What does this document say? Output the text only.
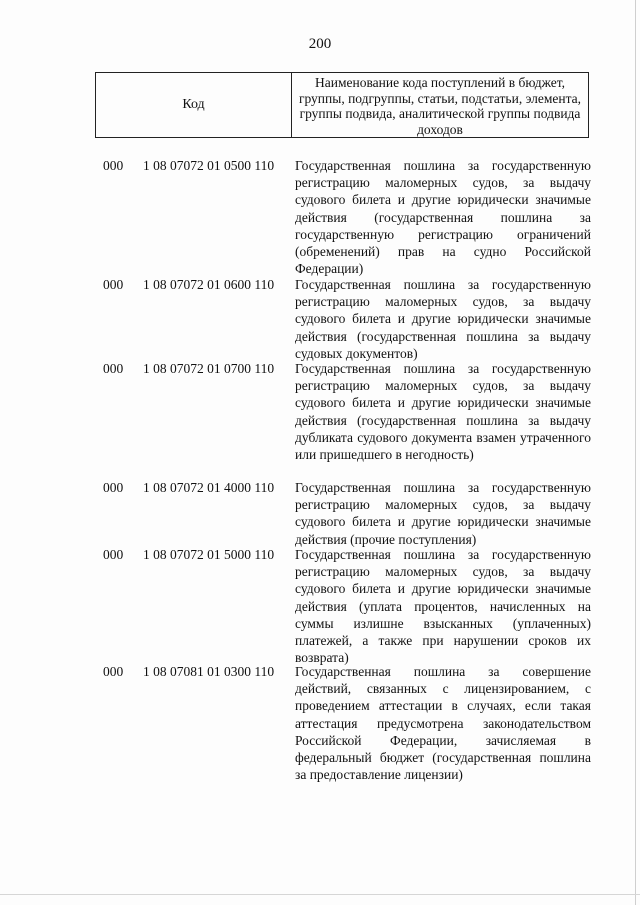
200
Код
Наименование кода поступлений в бюджет, группы, подгруппы, статьи, подстатьи, элемента, группы подвида, аналитической группы подвида доходов
000	1 08 07072 01 0500 110	Государственная пошлина за государственную регистрацию маломерных судов, за выдачу судового билета и другие юридически значимые действия (государственная пошлина за государственную регистрацию ограничений (обременений) прав на судно Российской Федерации)
000	1 08 07072 01 0600 110	Государственная пошлина за государственную регистрацию маломерных судов, за выдачу судового билета и другие юридически значимые действия (государственная пошлина за выдачу судовых документов)
000	1 08 07072 01 0700 110	Государственная пошлина за государственную регистрацию маломерных судов, за выдачу судового билета и другие юридически значимые действия (государственная пошлина за выдачу дубликата судового документа взамен утраченного или пришедшего в негодность)
000	1 08 07072 01 4000 110	Государственная пошлина за государственную регистрацию маломерных судов, за выдачу судового билета и другие юридически значимые действия (прочие поступления)
000	1 08 07072 01 5000 110	Государственная пошлина за государственную регистрацию маломерных судов, за выдачу судового билета и другие юридически значимые действия (уплата процентов, начисленных на суммы излишне взысканных (уплаченных) платежей, а также при нарушении сроков их возврата)
000	1 08 07081 01 0300 110	Государственная пошлина за совершение действий, связанных с лицензированием, с проведением аттестации в случаях, если такая аттестация предусмотрена законодательством Российской Федерации, зачисляемая в федеральный бюджет (государственная пошлина за предоставление лицензии)
